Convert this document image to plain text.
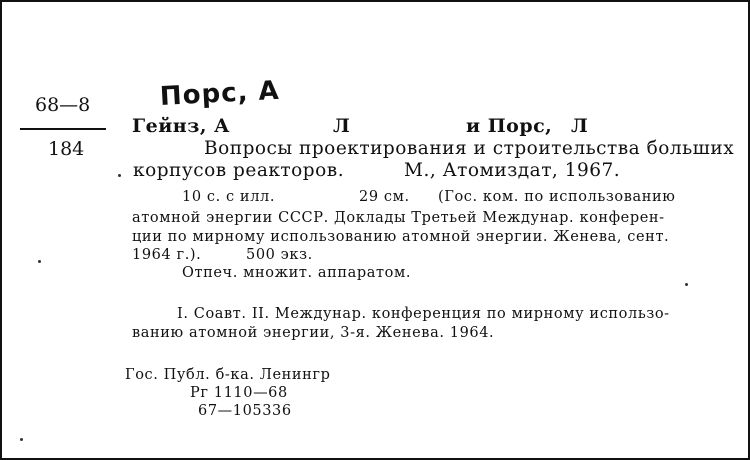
Порс, А
68—8
184
Гейнз, А	Л	и Порс, Л
Вопросы проектирования и строительства больших
корпусов реакторов.	М., Атомиздат, 1967.
10 с. с илл.	29 см. (Гос. ком. по использованию
атомной энергии СССР. Доклады Третьей Междунар. конферен-
ции по мирному использованию атомной энергии. Женева, сент.
1964 г.).	500 экз.
Отпеч. множит. аппаратом.
I. Соавт. II. Междунар. конференция по мирному использо-
ванию атомной энергии, 3-я. Женева. 1964.
Гос. Публ. б-ка. Ленингр
Рг 1110—68
67—105336
